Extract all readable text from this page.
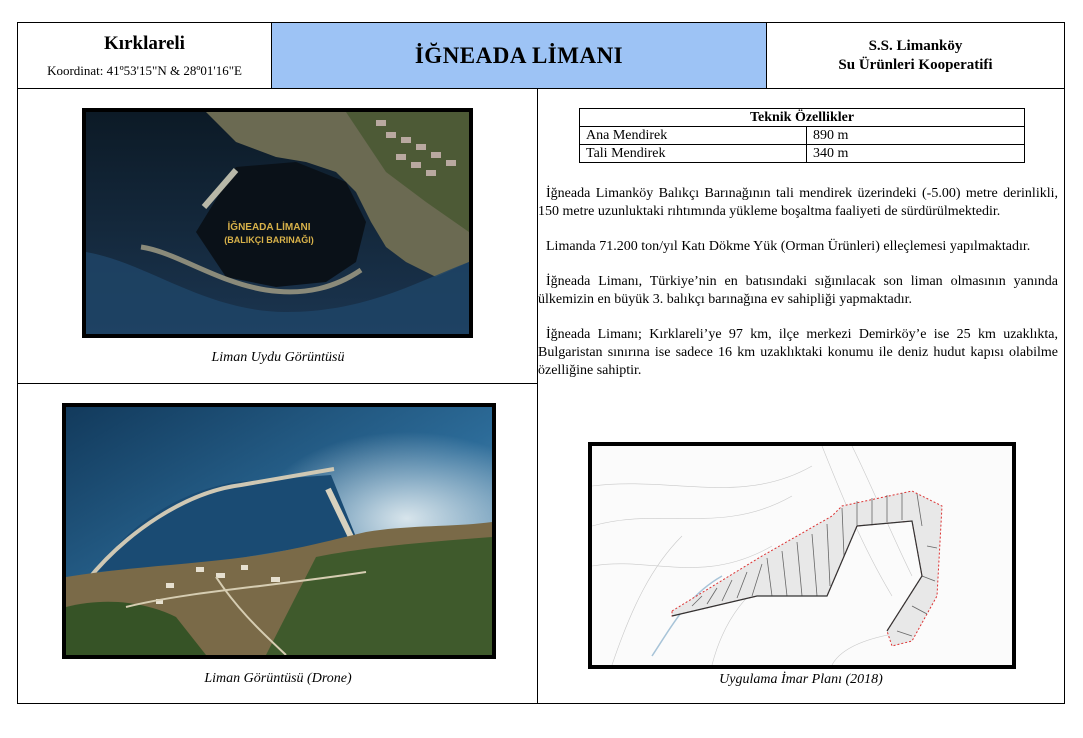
Kırklareli
Koordinat: 41º53'15"N & 28º01'16"E
İĞNEADA LİMANI	S.S. Limanköy
Su Ürünleri Kooperatifi
İĞNEADA LİMANI
(BALIKÇI BARINAĞI)
Liman Uydu Görüntüsü
Liman Görüntüsü (Drone)
Teknik Özellikler	
Ana Mendirek	890 m
Tali Mendirek	340 m

İğneada Limanköy Balıkçı Barınağının tali mendirek üzerindeki (-5.00) metre derinlikli, 150 metre uzunluktaki rıhtımında yükleme boşaltma faaliyeti de sürdürülmektedir.

Limanda 71.200 ton/yıl Katı Dökme Yük (Orman Ürünleri) elleçlemesi yapılmaktadır.

İğneada Limanı, Türkiye’nin en batısındaki sığınılacak son liman olmasının yanında ülkemizin en büyük 3. balıkçı barınağına ev sahipliği yapmaktadır.

İğneada Limanı; Kırklareli’ye 97 km, ilçe merkezi Demirköy’e ise 25 km uzaklıkta, Bulgaristan sınırına ise sadece 16 km uzaklıktaki konumu ile deniz hudut kapısı olabilme özelliğine sahiptir.

Uygulama İmar Planı (2018)
